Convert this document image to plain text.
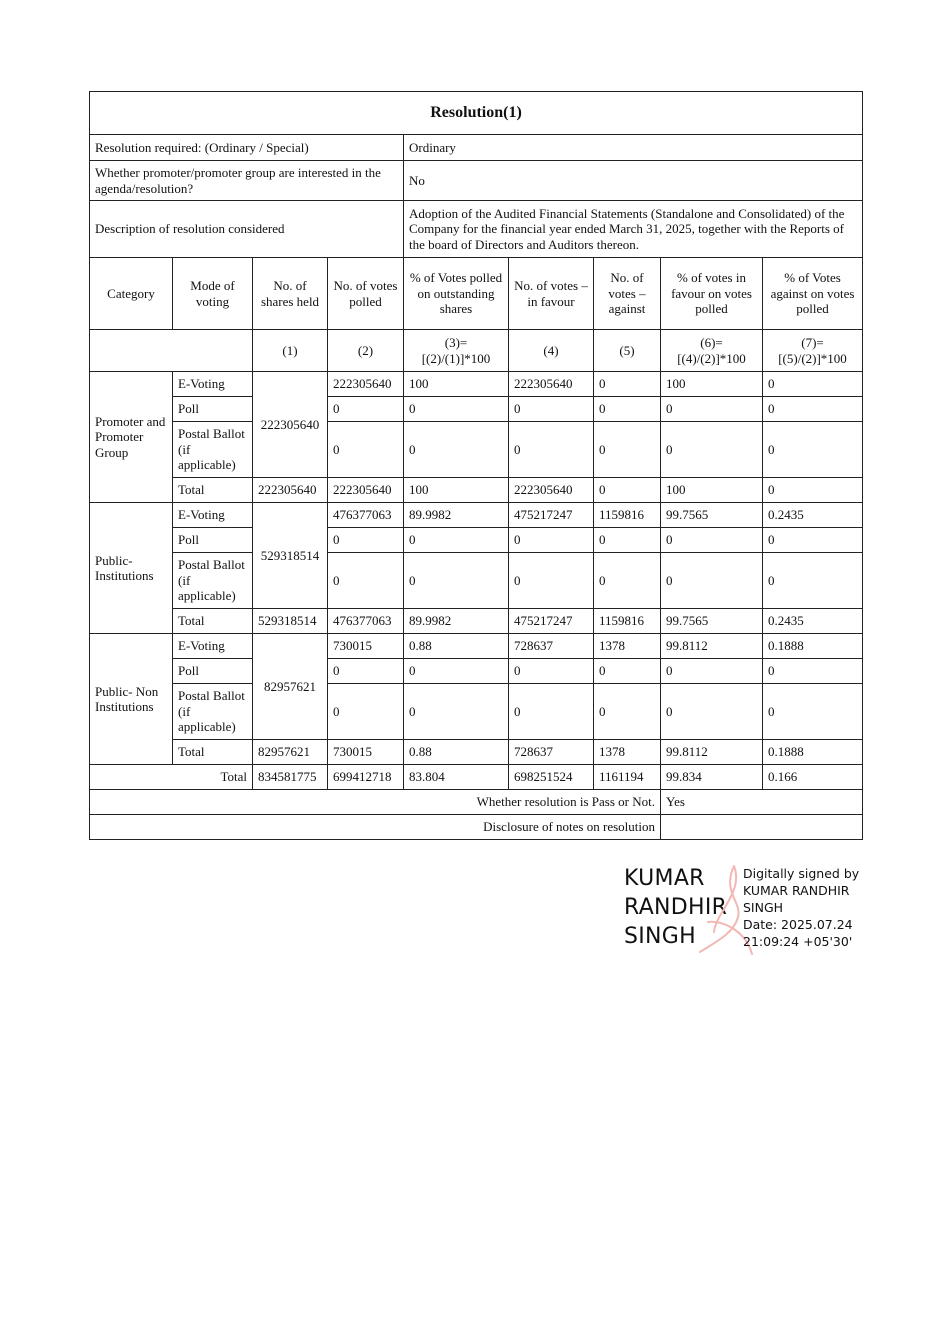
Resolution(1)								
Resolution required: (Ordinary / Special)				Ordinary				
Whether promoter/promoter group are interested in the agenda/resolution?				No				
Description of resolution considered				Adoption of the Audited Financial Statements (Standalone and Consolidated) of the Company for the financial year ended March 31, 2025, together with the Reports of the board of Directors and Auditors thereon.				
Category	Mode of voting	No. of shares held	No. of votes polled	% of Votes polled on outstanding shares	No. of votes – in favour	No. of votes – against	% of votes in favour on votes polled	% of Votes against on votes polled
		(1)	(2)	(3)= [(2)/(1)]*100	(4)	(5)	(6)= [(4)/(2)]*100	(7)= [(5)/(2)]*100
Promoter and Promoter Group	E-Voting	222305640	222305640	100	222305640	0	100	0
	Poll		0	0	0	0	0	0
	Postal Ballot (if applicable)		0	0	0	0	0	0
	Total	222305640	222305640	100	222305640	0	100	0
Public- Institutions	E-Voting	529318514	476377063	89.9982	475217247	1159816	99.7565	0.2435
	Poll		0	0	0	0	0	0
	Postal Ballot (if applicable)		0	0	0	0	0	0
	Total	529318514	476377063	89.9982	475217247	1159816	99.7565	0.2435
Public- Non Institutions	E-Voting	82957621	730015	0.88	728637	1378	99.8112	0.1888
	Poll		0	0	0	0	0	0
	Postal Ballot (if applicable)		0	0	0	0	0	0
	Total	82957621	730015	0.88	728637	1378	99.8112	0.1888
Total		834581775	699412718	83.804	698251524	1161194	99.834	0.166
Whether resolution is Pass or Not.							Yes	
Disclosure of notes on resolution								
KUMAR
RANDHIR
SINGH
Digitally signed by
KUMAR RANDHIR
SINGH
Date: 2025.07.24
21:09:24 +05'30'
